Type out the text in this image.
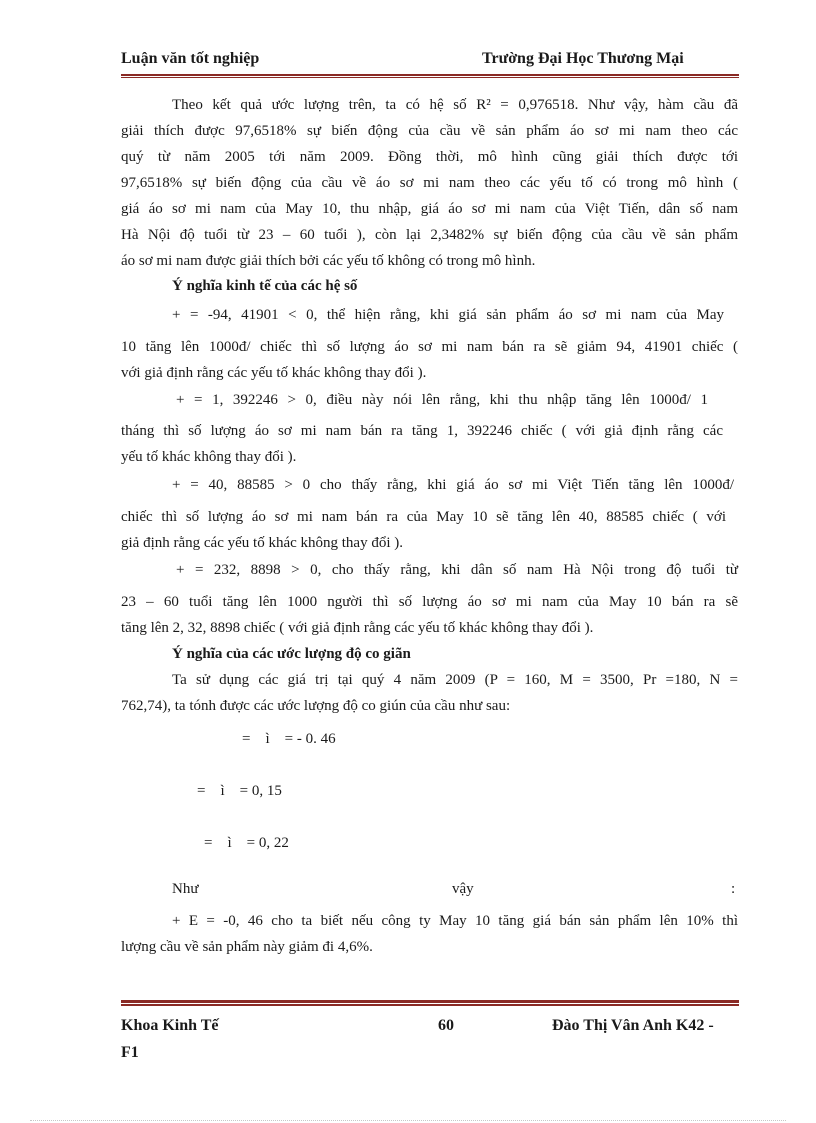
Luận văn tốt nghiệp	Trường Đại Học Thương Mại
Theo kết quả ước lượng trên, ta có hệ số R² = 0,976518. Như vậy, hàm cầu đã
giải thích được 97,6518% sự biến động của cầu về sản phẩm áo sơ mi nam theo các
quý từ năm 2005 tới năm 2009. Đồng thời, mô hình cũng giải thích được tới
97,6518% sự biến động của cầu về áo sơ mi nam theo các yếu tố có trong mô hình (
giá áo sơ mi nam của May 10, thu nhập, giá áo sơ mi nam của Việt Tiến, dân số nam
Hà Nội độ tuổi từ 23 – 60 tuổi ), còn lại 2,3482% sự biến động của cầu về sản phẩm
áo sơ mi nam được giải thích bởi các yếu tố không có trong mô hình.
Ý nghĩa kinh tế của các hệ số
+ = -94, 41901 < 0, thể hiện rằng, khi giá sản phẩm áo sơ mi nam của May
10 tăng lên 1000đ/ chiếc thì số lượng áo sơ mi nam bán ra sẽ giảm 94, 41901 chiếc (
với giả định rằng các yếu tố khác không thay đổi ).
+ = 1, 392246 > 0, điều này nói lên rằng, khi thu nhập tăng lên 1000đ/ 1
tháng thì số lượng áo sơ mi nam bán ra tăng 1, 392246 chiếc ( với giả định rằng các
yếu tố khác không thay đổi ).
+ = 40, 88585 > 0 cho thấy rằng, khi giá áo sơ mi Việt Tiến tăng lên 1000đ/
chiếc thì số lượng áo sơ mi nam bán ra của May 10 sẽ tăng lên 40, 88585 chiếc ( với
giả định rằng các yếu tố khác không thay đổi ).
+ = 232, 8898 > 0, cho thấy rằng, khi dân số nam Hà Nội trong độ tuổi từ
23 – 60 tuổi tăng lên 1000 người thì số lượng áo sơ mi nam của May 10 bán ra sẽ
tăng lên 2, 32, 8898 chiếc ( với giả định rằng các yếu tố khác không thay đổi ).
Ý nghĩa của các ước lượng độ co giãn
Ta sử dụng các giá trị tại quý 4 năm 2009 (P = 160, M = 3500, Pr =180, N =
762,74), ta tónh được các ước lượng độ co giún của cầu như sau:
=    ì    = - 0. 46
=    ì    = 0, 15
=    ì    = 0, 22
Như	vậy	:
+ E = -0, 46 cho ta biết nếu công ty May 10 tăng giá bán sản phẩm lên 10% thì
lượng cầu về sản phẩm này giảm đi 4,6%.
Khoa Kinh Tế	60	Đào Thị Vân Anh K42 -
F1
